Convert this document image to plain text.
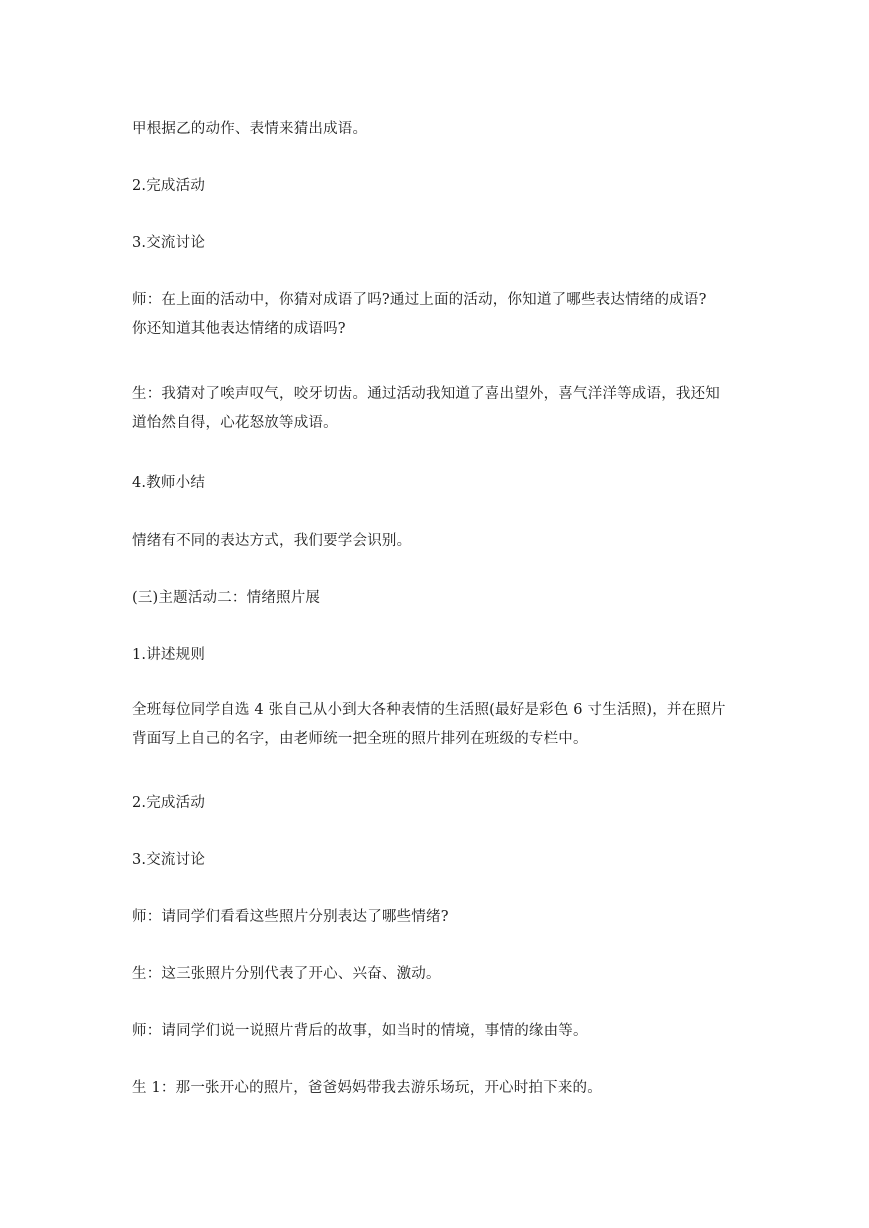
甲根据乙的动作、表情来猜出成语。

2.完成活动

3.交流讨论

师：在上面的活动中，你猜对成语了吗?通过上面的活动，你知道了哪些表达情绪的成语?
你还知道其他表达情绪的成语吗?

生：我猜对了唉声叹气，咬牙切齿。通过活动我知道了喜出望外，喜气洋洋等成语，我还知
道怡然自得，心花怒放等成语。

4.教师小结

情绪有不同的表达方式，我们要学会识别。

(三)主题活动二：情绪照片展

1.讲述规则

全班每位同学自选 4 张自己从小到大各种表情的生活照(最好是彩色 6 寸生活照)，并在照片
背面写上自己的名字，由老师统一把全班的照片排列在班级的专栏中。

2.完成活动

3.交流讨论

师：请同学们看看这些照片分别表达了哪些情绪?

生：这三张照片分别代表了开心、兴奋、激动。

师：请同学们说一说照片背后的故事，如当时的情境，事情的缘由等。

生 1：那一张开心的照片，爸爸妈妈带我去游乐场玩，开心时拍下来的。
